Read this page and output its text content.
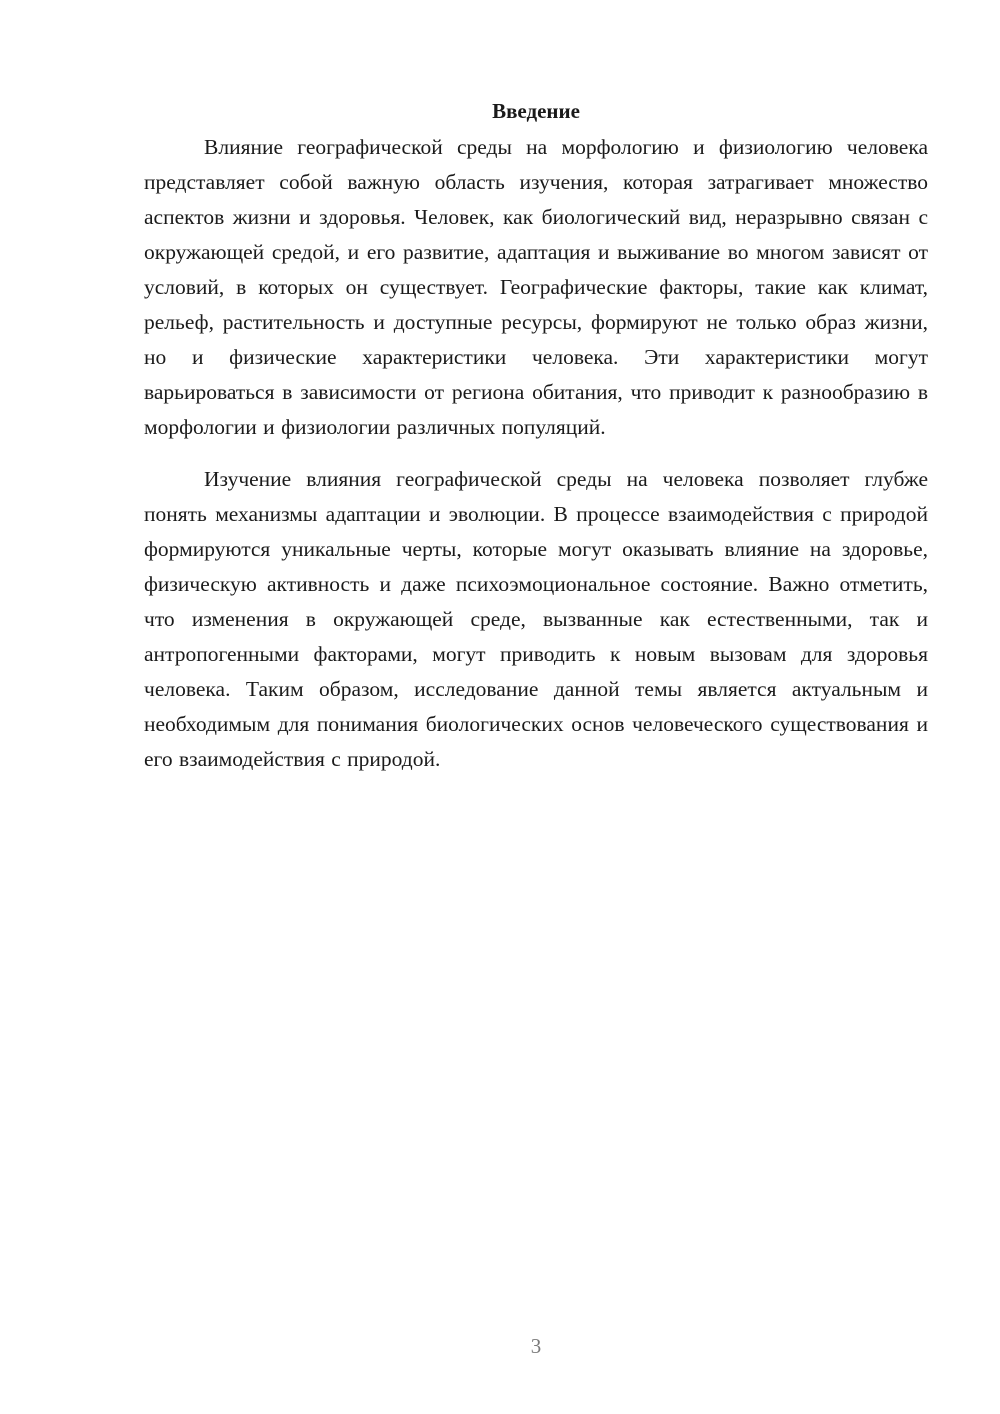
Введение

Влияние географической среды на морфологию и физиологию человека представляет собой важную область изучения, которая затрагивает множество аспектов жизни и здоровья. Человек, как биологический вид, неразрывно связан с окружающей средой, и его развитие, адаптация и выживание во многом зависят от условий, в которых он существует. Географические факторы, такие как климат, рельеф, растительность и доступные ресурсы, формируют не только образ жизни, но и физические характеристики человека. Эти характеристики могут варьироваться в зависимости от региона обитания, что приводит к разнообразию в морфологии и физиологии различных популяций.

Изучение влияния географической среды на человека позволяет глубже понять механизмы адаптации и эволюции. В процессе взаимодействия с природой формируются уникальные черты, которые могут оказывать влияние на здоровье, физическую активность и даже психоэмоциональное состояние. Важно отметить, что изменения в окружающей среде, вызванные как естественными, так и антропогенными факторами, могут приводить к новым вызовам для здоровья человека. Таким образом, исследование данной темы является актуальным и необходимым для понимания биологических основ человеческого существования и его взаимодействия с природой.

3
